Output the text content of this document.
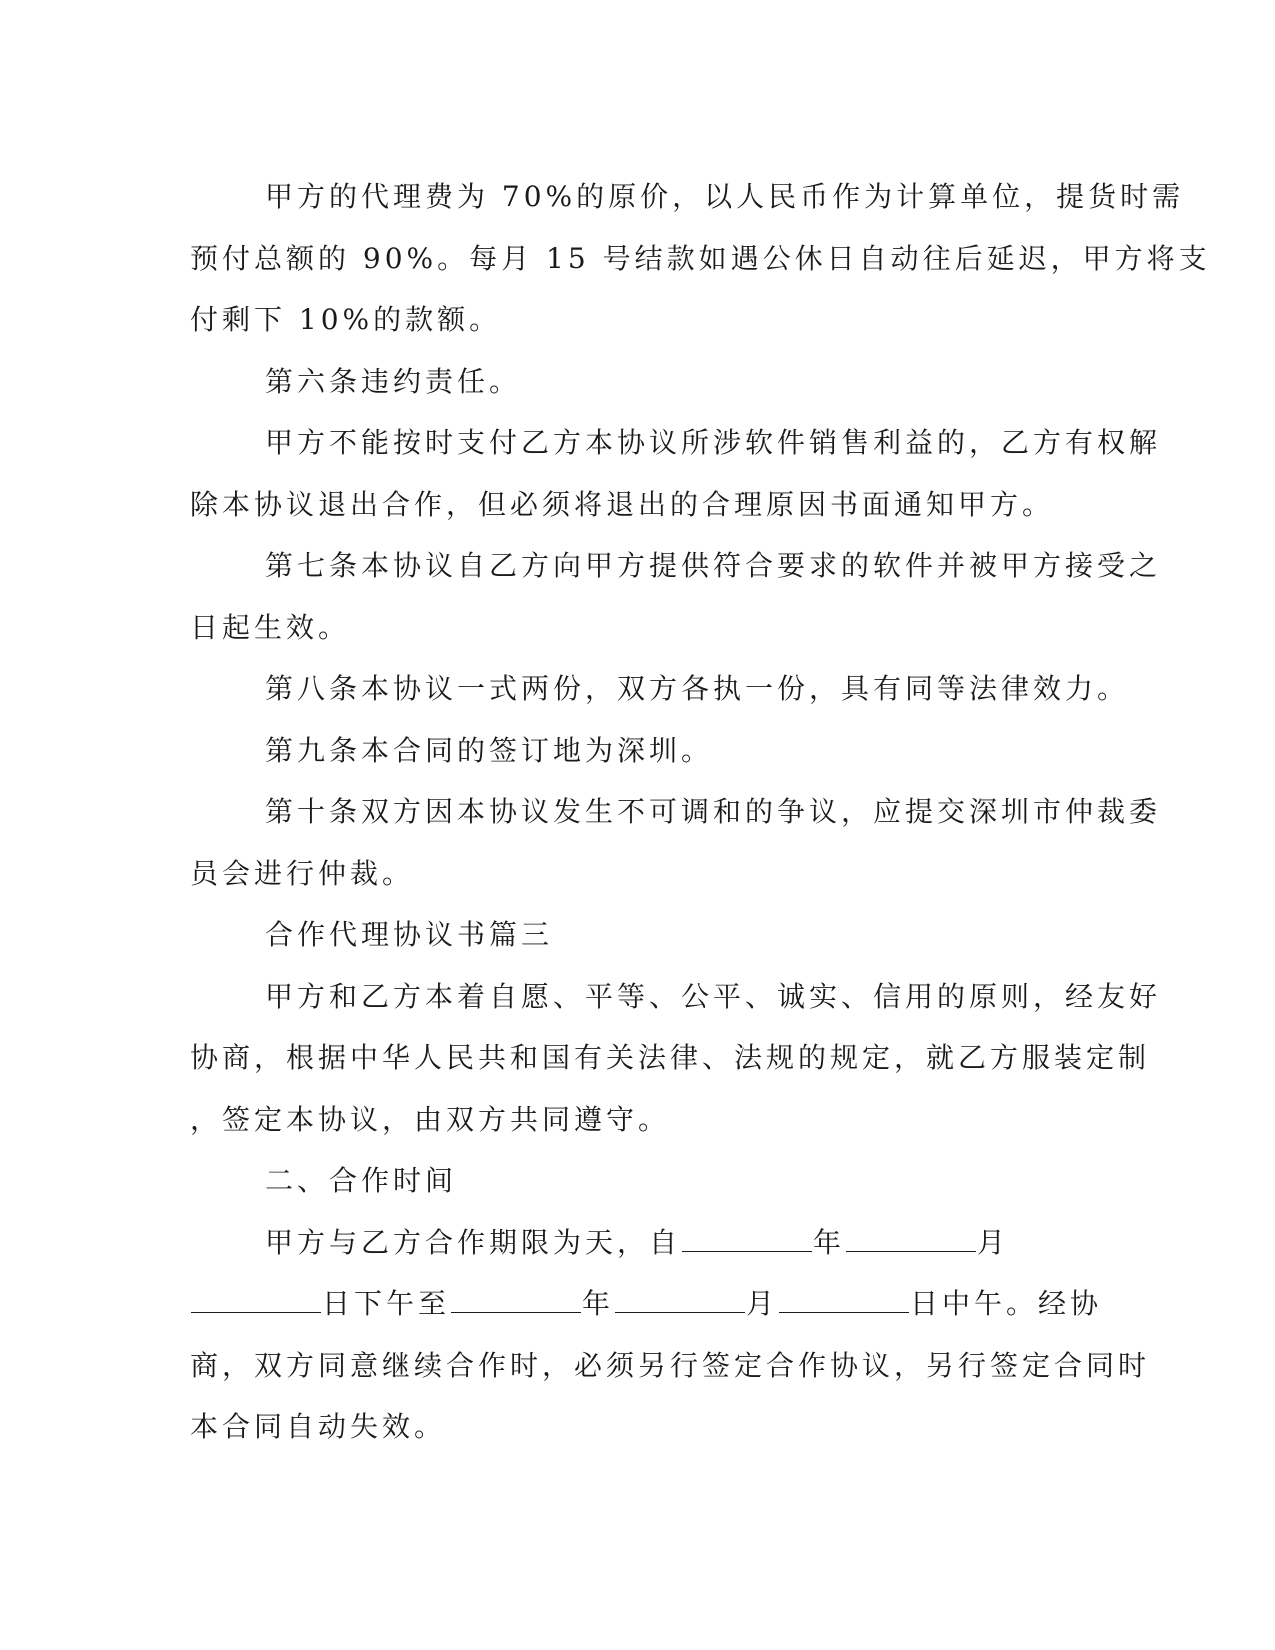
甲方的代理费为 70%的原价，以人民币作为计算单位，提货时需
预付总额的 90%。每月 15 号结款如遇公休日自动往后延迟，甲方将支
付剩下 10%的款额。
第六条违约责任。
甲方不能按时支付乙方本协议所涉软件销售利益的，乙方有权解
除本协议退出合作，但必须将退出的合理原因书面通知甲方。
第七条本协议自乙方向甲方提供符合要求的软件并被甲方接受之
日起生效。
第八条本协议一式两份，双方各执一份，具有同等法律效力。
第九条本合同的签订地为深圳。
第十条双方因本协议发生不可调和的争议，应提交深圳市仲裁委
员会进行仲裁。
合作代理协议书篇三
甲方和乙方本着自愿、平等、公平、诚实、信用的原则，经友好
协商，根据中华人民共和国有关法律、法规的规定，就乙方服装定制
，签定本协议，由双方共同遵守。
二、合作时间
甲方与乙方合作期限为天，自	年	月
日下午至	年	月	日中午。经协
商，双方同意继续合作时，必须另行签定合作协议，另行签定合同时
本合同自动失效。
